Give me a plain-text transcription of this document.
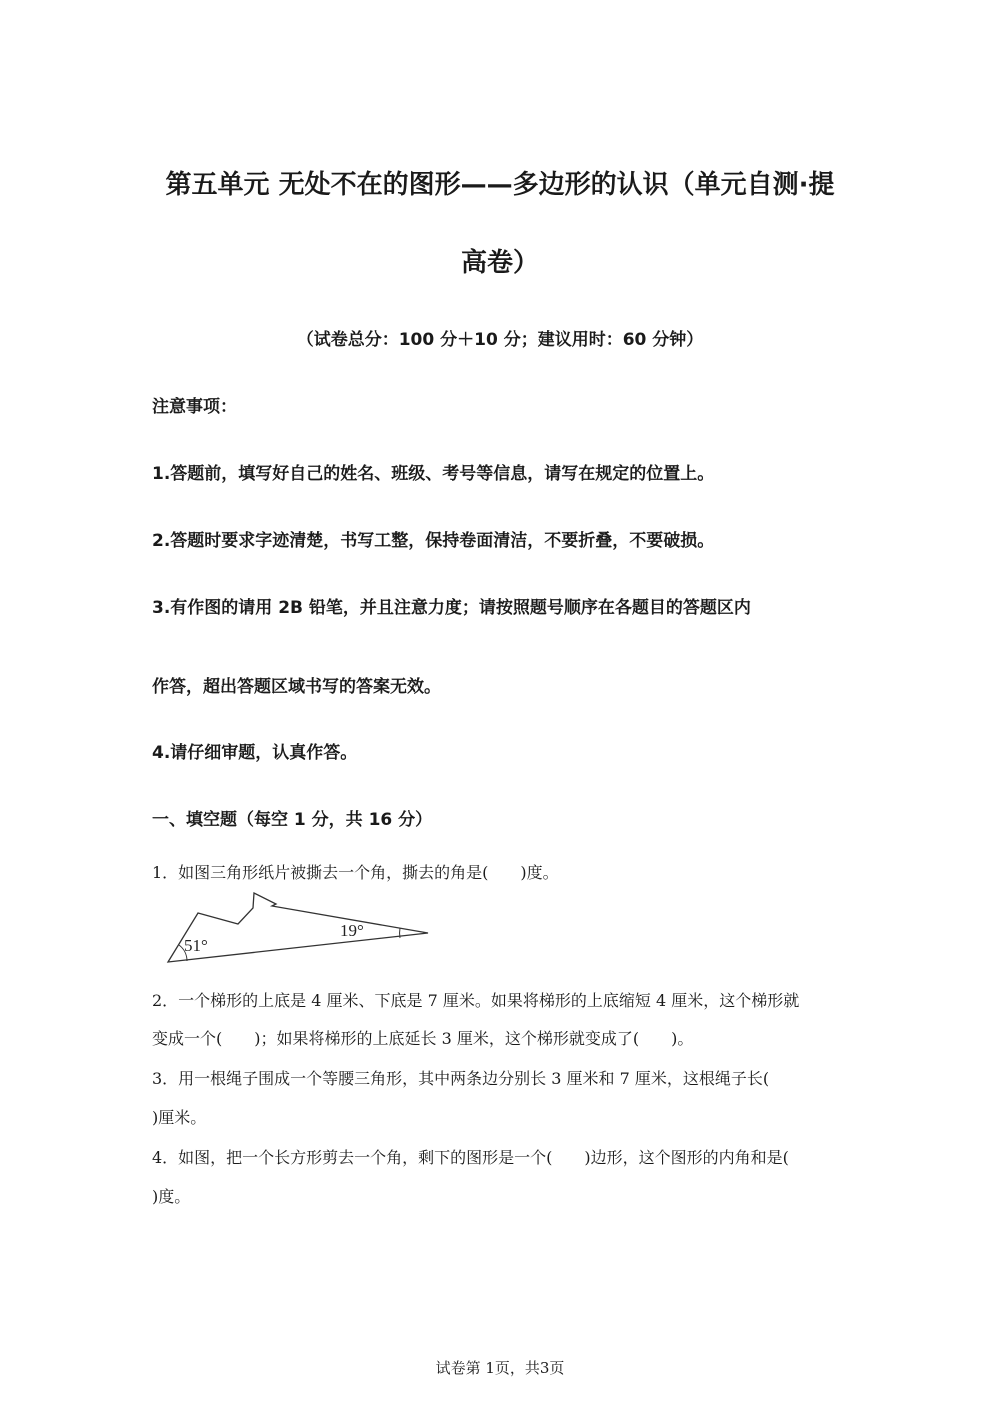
第五单元 无处不在的图形——多边形的认识（单元自测·提
高卷）
（试卷总分：100 分＋10 分；建议用时：60 分钟）
注意事项：
1.答题前，填写好自己的姓名、班级、考号等信息，请写在规定的位置上。
2.答题时要求字迹清楚，书写工整，保持卷面清洁，不要折叠，不要破损。
3.有作图的请用 2B 铅笔，并且注意力度；请按照题号顺序在各题目的答题区内
作答，超出答题区域书写的答案无效。
4.请仔细审题，认真作答。
一、填空题（每空 1 分，共 16 分）
1．如图三角形纸片被撕去一个角，撕去的角是(　　)度。
51°
19°
2．一个梯形的上底是 4 厘米、下底是 7 厘米。如果将梯形的上底缩短 4 厘米，这个梯形就
变成一个(　　)；如果将梯形的上底延长 3 厘米，这个梯形就变成了(　　)。
3．用一根绳子围成一个等腰三角形，其中两条边分别长 3 厘米和 7 厘米，这根绳子长(
)厘米。
4．如图，把一个长方形剪去一个角，剩下的图形是一个(　　)边形，这个图形的内角和是(
)度。
试卷第 1页，共3页
